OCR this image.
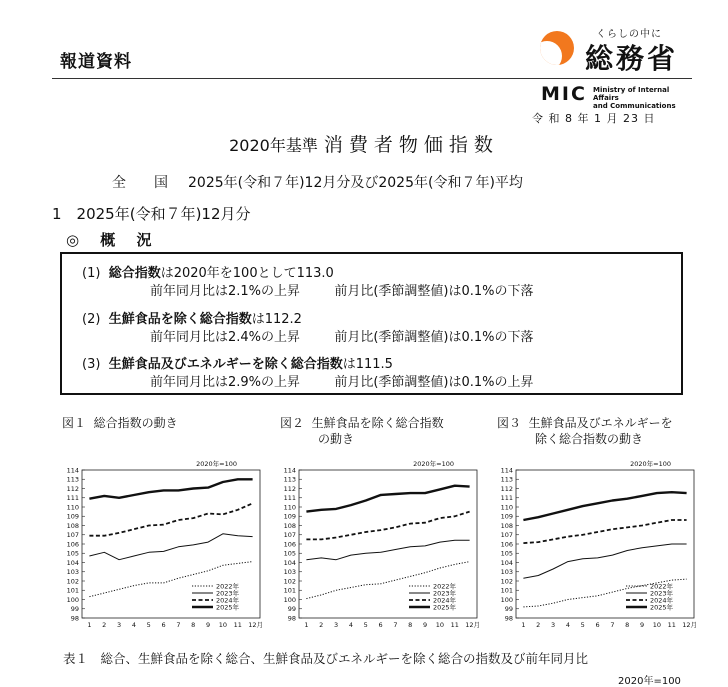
報道資料
くらしの中に
総務省
MIC Ministry of Internal Affairs
and Communications
令 和 8 年 1 月 23 日
2020年基準 消費者物価指数
全　　国 2025年(令和７年)12月分及び2025年(令和７年)平均
1　2025年(令和７年)12月分
◎ 概 況
(1) 総合指数は2020年を100として113.0
前年同月比は2.1%の上昇	前月比(季節調整値)は0.1%の下落
(2) 生鮮食品を除く総合指数は112.2
前年同月比は2.4%の上昇	前月比(季節調整値)は0.1%の下落
(3) 生鮮食品及びエネルギーを除く総合指数は111.5
前年同月比は2.9%の上昇	前月比(季節調整値)は0.1%の上昇
図１ 総合指数の動き	図２ 生鮮食品を除く総合指数
の動き
図３ 生鮮食品及びエネルギーを
除く総合指数の動き
2020年=100
98
99
100
101
102
103
104
105
106
107
108
109
110
111
112
113
114
1 2 3 4 5 6 7 8 9 10 11 12月
2022年
2023年
2024年
2025年
2020年=100
98
99
100
101
102
103
104
105
106
107
108
109
110
111
112
113
114
1 2 3 4 5 6 7 8 9 10 11 12月
2022年
2023年
2024年
2025年
2020年=100
98
99
100
101
102
103
104
105
106
107
108
109
110
111
112
113
114
1 2 3 4 5 6 7 8 9 10 11 12月
2022年
2023年
2024年
2025年
表１　総合、生鮮食品を除く総合、生鮮食品及びエネルギーを除く総合の指数及び前年同月比
2020年=100
